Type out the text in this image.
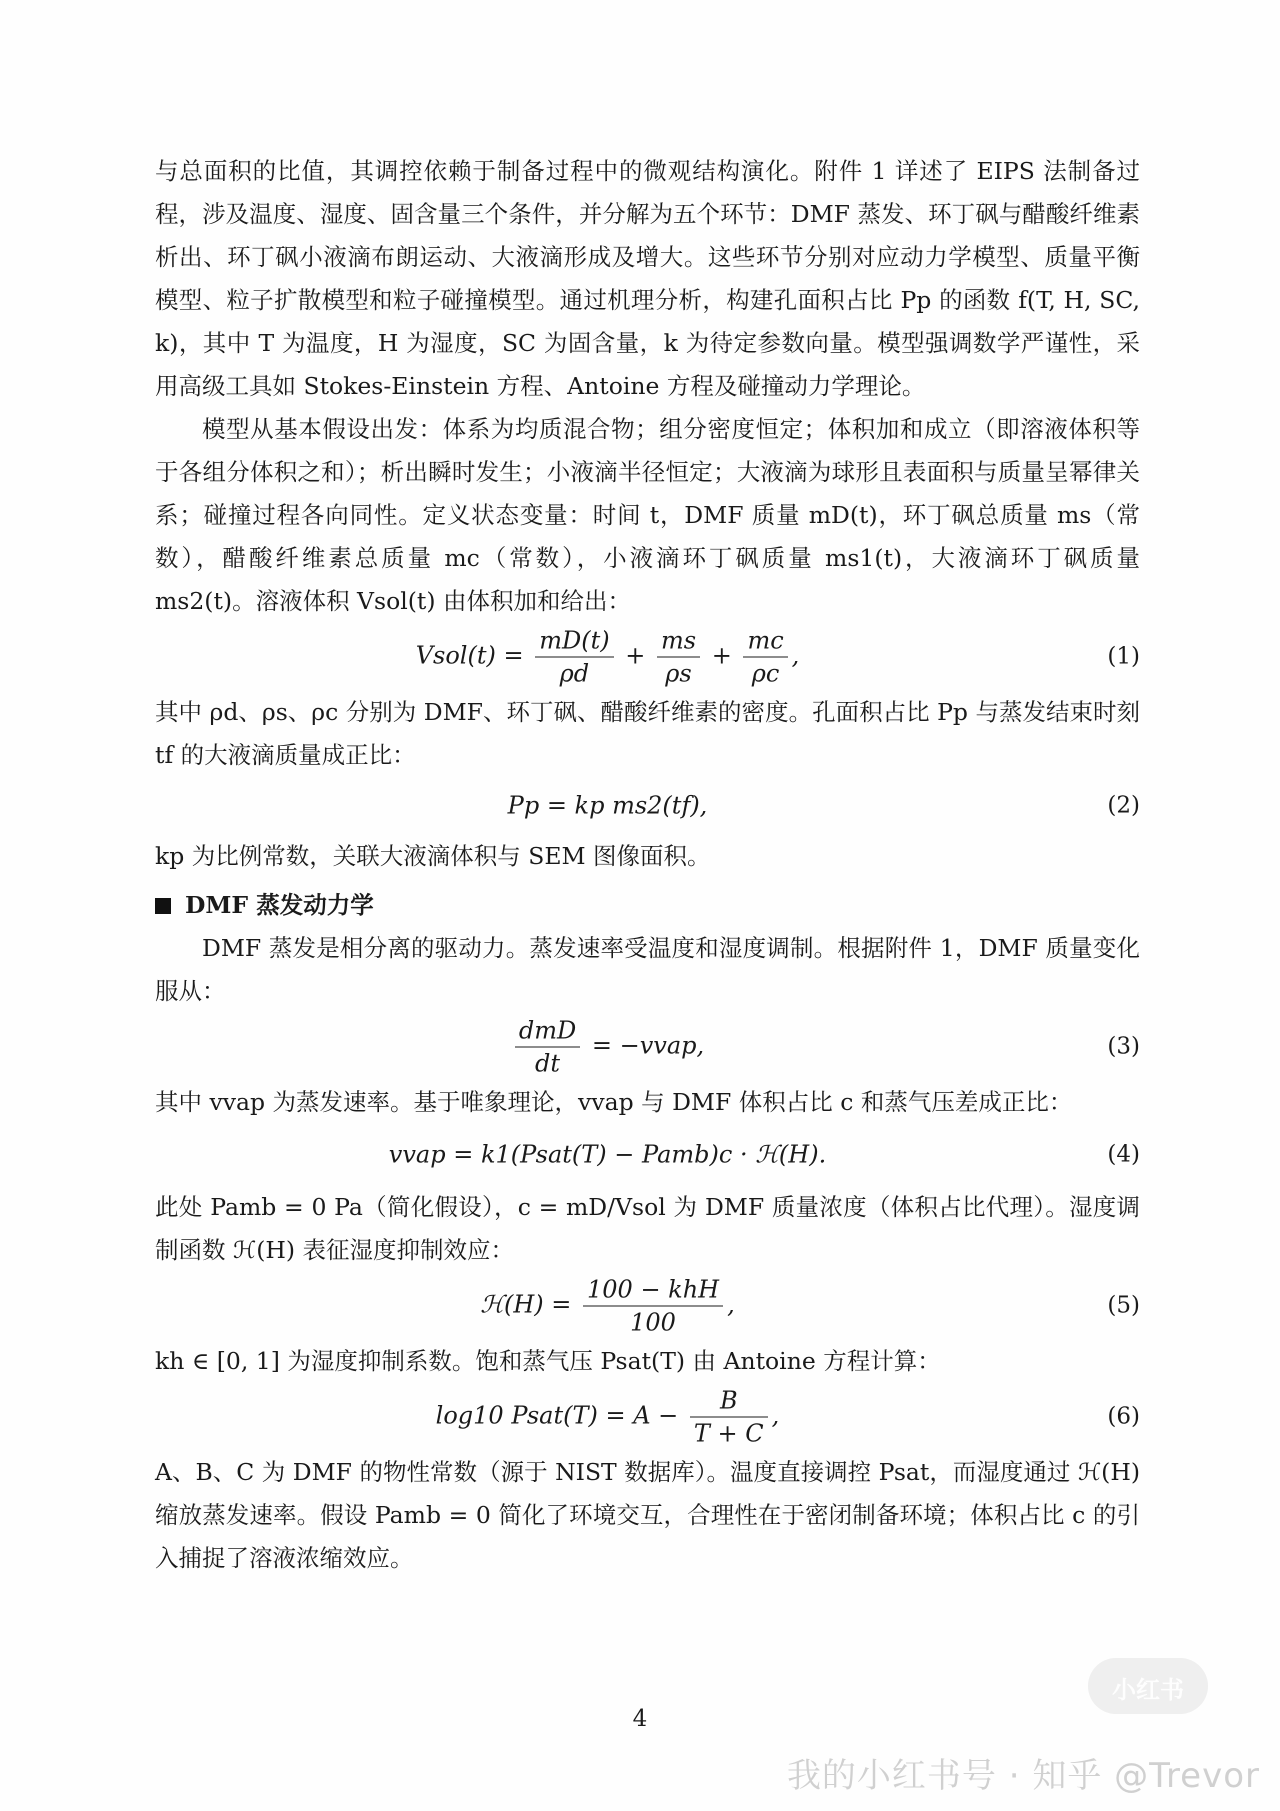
与总面积的比值，其调控依赖于制备过程中的微观结构演化。附件 1 详述了 EIPS 法制备过程，涉及温度、湿度、固含量三个条件，并分解为五个环节：DMF 蒸发、环丁砜与醋酸纤维素析出、环丁砜小液滴布朗运动、大液滴形成及增大。这些环节分别对应动力学模型、质量平衡模型、粒子扩散模型和粒子碰撞模型。通过机理分析，构建孔面积占比 Pp 的函数 f(T, H, SC, k)，其中 T 为温度，H 为湿度，SC 为固含量，k 为待定参数向量。模型强调数学严谨性，采用高级工具如 Stokes-Einstein 方程、Antoine 方程及碰撞动力学理论。

模型从基本假设出发：体系为均质混合物；组分密度恒定；体积加和成立（即溶液体积等于各组分体积之和）；析出瞬时发生；小液滴半径恒定；大液滴为球形且表面积与质量呈幂律关系；碰撞过程各向同性。定义状态变量：时间 t，DMF 质量 mD(t)，环丁砜总质量 ms（常数），醋酸纤维素总质量 mc（常数），小液滴环丁砜质量 ms1(t)，大液滴环丁砜质量 ms2(t)。溶液体积 Vsol(t) 由体积加和给出：

Vsol(t) = $\frac{mD(t)}{\rho d} + \frac{ms}{\rho s} + \frac{mc}{\rho c}$ ,	(1)

其中 ρd、ρs、ρc 分别为 DMF、环丁砜、醋酸纤维素的密度。孔面积占比 Pp 与蒸发结束时刻 tf 的大液滴质量成正比：

Pp = kp ms2(tf),	(2)

kp 为比例常数，关联大液滴体积与 SEM 图像面积。

DMF 蒸发动力学

DMF 蒸发是相分离的驱动力。蒸发速率受温度和湿度调制。根据附件 1，DMF 质量变化服从：

$\frac{\text{dmD}}{dt}$ = −vvap,	(3)

其中 vvap 为蒸发速率。基于唯象理论，vvap 与 DMF 体积占比 c 和蒸气压差成正比：

vvap = k1(Psat(T) − Pamb)c · ℋ(H).	(4)

此处 Pamb = 0 Pa（简化假设），c = mD/Vsol 为 DMF 质量浓度（体积占比代理）。湿度调制函数 ℋ(H) 表征湿度抑制效应：

ℋ(H) = $\frac{\text{100 − khH}}{100}$ ,	(5)

kh ∈ [0, 1] 为湿度抑制系数。饱和蒸气压 Psat(T) 由 Antoine 方程计算：

log10 Psat(T) = $A - \frac{B}{T + C}$ ,	(6)

A、B、C 为 DMF 的物性常数（源于 NIST 数据库）。温度直接调控 Psat，而湿度通过 ℋ(H) 缩放蒸发速率。假设 Pamb = 0 简化了环境交互，合理性在于密闭制备环境；体积占比 c 的引入捕捉了溶液浓缩效应。

4
小红书
我的小红书号 · 知乎 @Trevor
